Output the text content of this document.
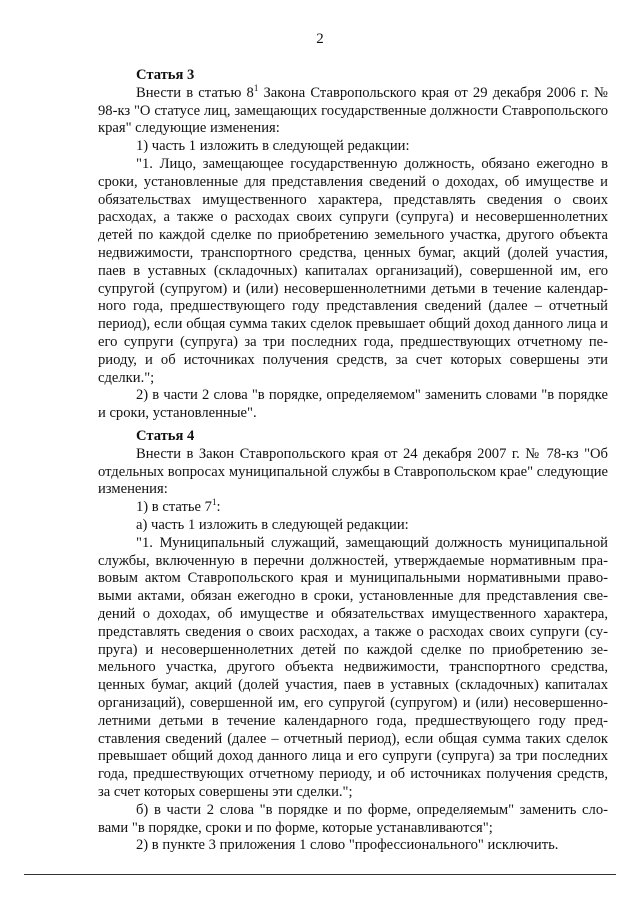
2

Статья 3

Внести в статью $8^1$ Закона Ставропольского края от 29 декабря 2006 г. № 98-кз "О статусе лиц, замещающих государственные должности Ставропольского края" следующие изменения:

1) часть 1 изложить в следующей редакции:

"1. Лицо, замещающее государственную должность, обязано ежегодно в сроки, установленные для представления сведений о доходах, об имуществе и обязательствах имущественного характера, представлять сведения о своих расходах, а также о расходах своих супруги (супруга) и несовершеннолетних детей по каждой сделке по приобретению земельного участка, другого объекта недвижимости, транспортного средства, ценных бумаг, акций (долей участия, паев в уставных (складочных) капиталах организаций), совершенной им, его супругой (супругом) и (или) несовершеннолетними детьми в течение календарного года, предшествующего году представления сведений (далее – отчетный период), если общая сумма таких сделок превышает общий доход данного лица и его супруги (супруга) за три последних года, предшествующих отчетному периоду, и об источниках получения средств, за счет которых совершены эти сделки.";

2) в части 2 слова "в порядке, определяемом" заменить словами "в порядке и сроки, установленные".

Статья 4

Внести в Закон Ставропольского края от 24 декабря 2007 г. № 78-кз "Об отдельных вопросах муниципальной службы в Ставропольском крае" следующие изменения:

1) в статье $7^1$:

а) часть 1 изложить в следующей редакции:

"1. Муниципальный служащий, замещающий должность муниципальной службы, включенную в перечни должностей, утверждаемые нормативным правовым актом Ставропольского края и муниципальными нормативными правовыми актами, обязан ежегодно в сроки, установленные для представления сведений о доходах, об имуществе и обязательствах имущественного характера, представлять сведения о своих расходах, а также о расходах своих супруги (супруга) и несовершеннолетних детей по каждой сделке по приобретению земельного участка, другого объекта недвижимости, транспортного средства, ценных бумаг, акций (долей участия, паев в уставных (складочных) капиталах организаций), совершенной им, его супругой (супругом) и (или) несовершеннолетними детьми в течение календарного года, предшествующего году представления сведений (далее – отчетный период), если общая сумма таких сделок превышает общий доход данного лица и его супруги (супруга) за три последних года, предшествующих отчетному периоду, и об источниках получения средств, за счет которых совершены эти сделки.";

б) в части 2 слова "в порядке и по форме, определяемым" заменить словами "в порядке, сроки и по форме, которые устанавливаются";

2) в пункте 3 приложения 1 слово "профессионального" исключить.
